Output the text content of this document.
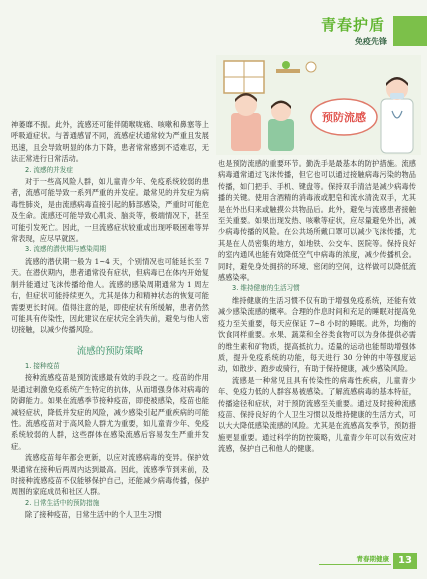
青春护盾
免疫先锋
预防流感

神萎靡不振。此外，流感还可能伴随喉咙痛、咳嗽和鼻塞等上呼吸道症状。与普通感冒不同，流感症状通常较为严重且发展迅速，且会导致明显的体力下降，患者常常感到不适难忍，无法正常进行日常活动。

2. 流感的并发症

对于一些高风险人群，如儿童青少年、免疫系统较弱的患者，流感可能导致一系列严重的并发症。最常见的并发症为病毒性肺炎，是由流感病毒直接引起的肺部感染，严重时可能危及生命。流感还可能导致心肌炎、脑炎等，极端情况下，甚至可能引发死亡。因此，一旦流感症状较重或出现呼吸困难等异常表现，应尽早就医。

3. 流感的潜伏期与感染周期

流感的潜伏期一般为 1~4 天，个别情况也可能延长至 7 天。在潜伏期内，患者通常没有症状，但病毒已在体内开始复制并能通过飞沫传播给他人。流感的感染周期通常为 1 周左右，但症状可能持续更久，尤其是体力和精神状态的恢复可能需要更长时间。值得注意的是，即使症状有所缓解，患者仍然可能具有传染性，因此建议在症状完全消失前，避免与他人密切接触，以减少传播风险。

流感的预防策略

1. 接种疫苗

接种流感疫苗是预防流感最有效的手段之一。疫苗的作用是通过刺激免疫系统产生特定的抗体，从而增强身体对病毒的防御能力。如果在流感季节接种疫苗，即使被感染，疫苗也能减轻症状，降低并发症的风险，减少感染引起严重疾病的可能性。流感疫苗对于高风险人群尤为重要，如儿童青少年、免疫系统较弱的人群，这些群体在感染流感后容易发生严重并发症。

流感疫苗每年都会更新，以应对流感病毒的变异。保护效果通常在接种后两周内达到最高。因此，流感季节到来前，及时接种流感疫苗不仅能够保护自己，还能减少病毒传播，保护周围的家庭成员和社区人群。

2. 日常生活中的预防措施

除了接种疫苗，日常生活中的个人卫生习惯

也是预防流感的重要环节。勤洗手是最基本的防护措施。流感病毒通常通过飞沫传播，但它也可以通过接触病毒污染的物品传播，如门把手、手机、键盘等。保持双手清洁是减少病毒传播的关键。使用含酒精的消毒液或肥皂和流水清洗双手，尤其是在外出归来或触摸公共物品后。此外，避免与流感患者接触至关重要。如果出现发热、咳嗽等症状，应尽量避免外出，减少病毒传播的风险。在公共场所戴口罩可以减少飞沫传播，尤其是在人员密集的地方，如地铁、公交车、医院等。保持良好的室内通风也能有效降低空气中病毒的浓度，减少传播机会。同时，避免身处拥挤的环境、密闭的空间，这样做可以降低流感感染率。

3. 维持健康的生活习惯

维持健康的生活习惯不仅有助于增强免疫系统，还能有效减少感染流感的概率。合理的作息时间和充足的睡眠对提高免疫力至关重要，每天应保证 7~8 小时的睡眠。此外，均衡的饮食同样重要。水果、蔬菜和全谷类食物可以为身体提供必需的维生素和矿物质，提高抵抗力。适量的运动也能帮助增强体质，提升免疫系统的功能，每天进行 30 分钟的中等强度运动，如散步、跑步或骑行，有助于保持健康，减少感染风险。

流感是一种常见且具有传染性的病毒性疾病，儿童青少年、免疫力低的人群容易被感染。了解流感病毒的基本特征，传播途径和症状，对于预防流感至关重要。通过及时接种流感疫苗、保持良好的个人卫生习惯以及维持健康的生活方式，可以大大降低感染流感的风险。尤其是在流感高发季节，预防措施更显重要。通过科学的防控策略，儿童青少年可以有效应对流感，保护自己和他人的健康。

青春期健康 13
